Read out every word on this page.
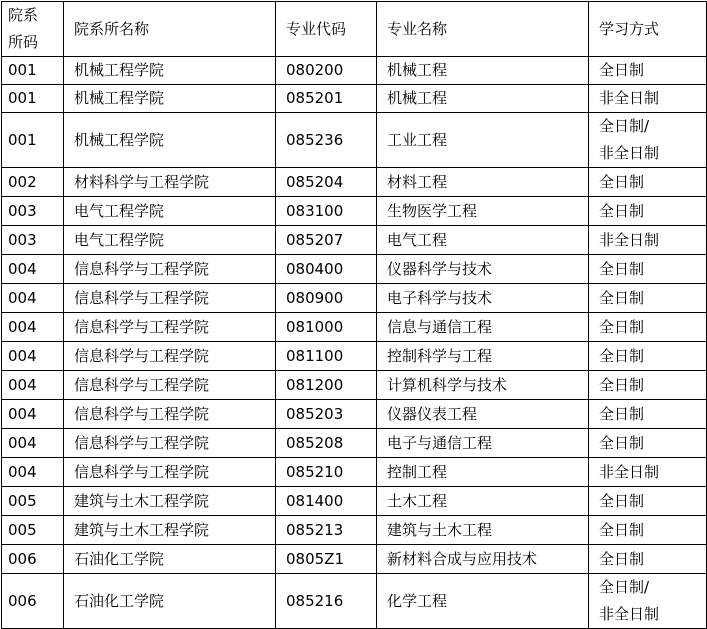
院系
所码	院系所名称	专业代码	专业名称	学习方式

001	机械工程学院	080200	机械工程	全日制

001	机械工程学院	085201	机械工程	非全日制

001	机械工程学院	085236	工业工程	全日制/
非全日制

002	材料科学与工程学院	085204	材料工程	全日制

003	电气工程学院	083100	生物医学工程	全日制

003	电气工程学院	085207	电气工程	非全日制

004	信息科学与工程学院	080400	仪器科学与技术	全日制

004	信息科学与工程学院	080900	电子科学与技术	全日制

004	信息科学与工程学院	081000	信息与通信工程	全日制

004	信息科学与工程学院	081100	控制科学与工程	全日制

004	信息科学与工程学院	081200	计算机科学与技术	全日制

004	信息科学与工程学院	085203	仪器仪表工程	全日制

004	信息科学与工程学院	085208	电子与通信工程	全日制

004	信息科学与工程学院	085210	控制工程	非全日制

005	建筑与土木工程学院	081400	土木工程	全日制

005	建筑与土木工程学院	085213	建筑与土木工程	全日制

006	石油化工学院	0805Z1	新材料合成与应用技术	全日制

006	石油化工学院	085216	化学工程	全日制/
非全日制
